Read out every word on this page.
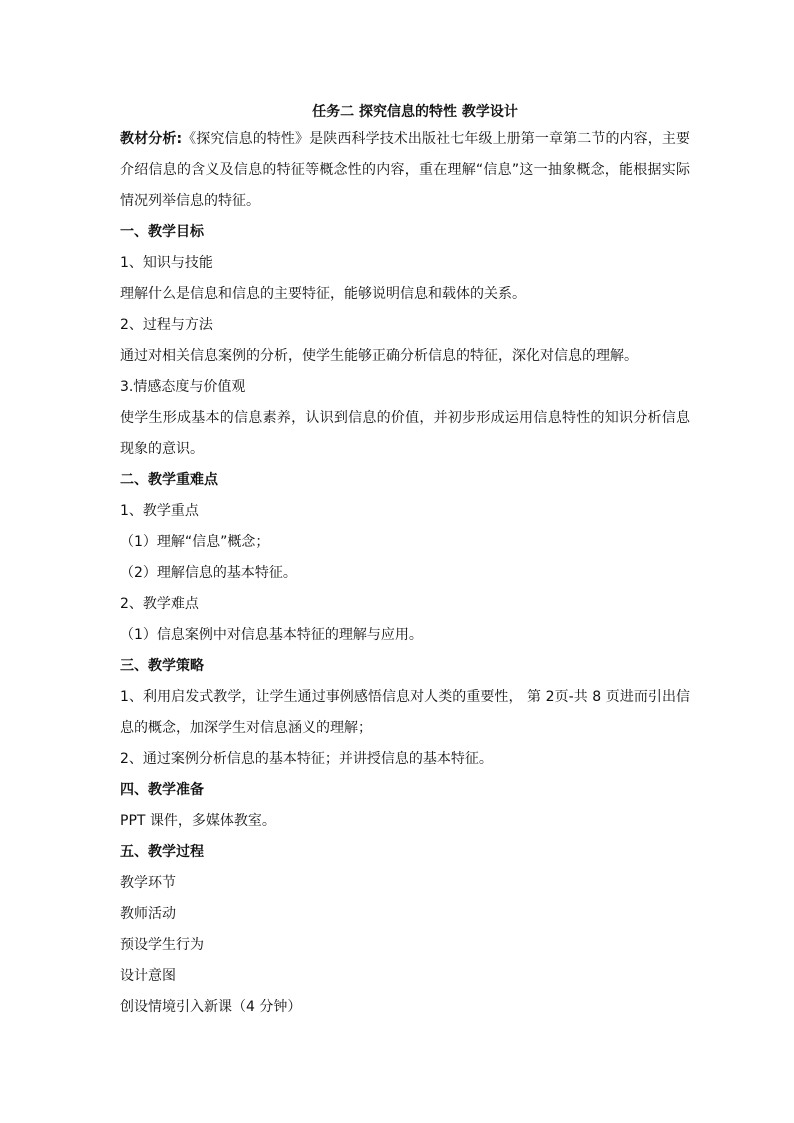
任务二 探究信息的特性 教学设计

教材分析:《探究信息的特性》是陕西科学技术出版社七年级上册第一章第二节的内容，主要介绍信息的含义及信息的特征等概念性的内容，重在理解“信息”这一抽象概念，能根据实际情况列举信息的特征。

一、教学目标

1、知识与技能

理解什么是信息和信息的主要特征，能够说明信息和载体的关系。

2、过程与方法

通过对相关信息案例的分析，使学生能够正确分析信息的特征，深化对信息的理解。

3.情感态度与价值观

使学生形成基本的信息素养，认识到信息的价值，并初步形成运用信息特性的知识分析信息现象的意识。

二、教学重难点

1、教学重点

（1）理解“信息”概念；

（2）理解信息的基本特征。

2、教学难点

（1）信息案例中对信息基本特征的理解与应用。

三、教学策略

1、利用启发式教学，让学生通过事例感悟信息对人类的重要性， 第 2页-共 8 页进而引出信息的概念，加深学生对信息涵义的理解；

2、通过案例分析信息的基本特征；并讲授信息的基本特征。

四、教学准备

PPT 课件，多媒体教室。

五、教学过程

教学环节

教师活动

预设学生行为

设计意图

创设情境引入新课（4 分钟）
